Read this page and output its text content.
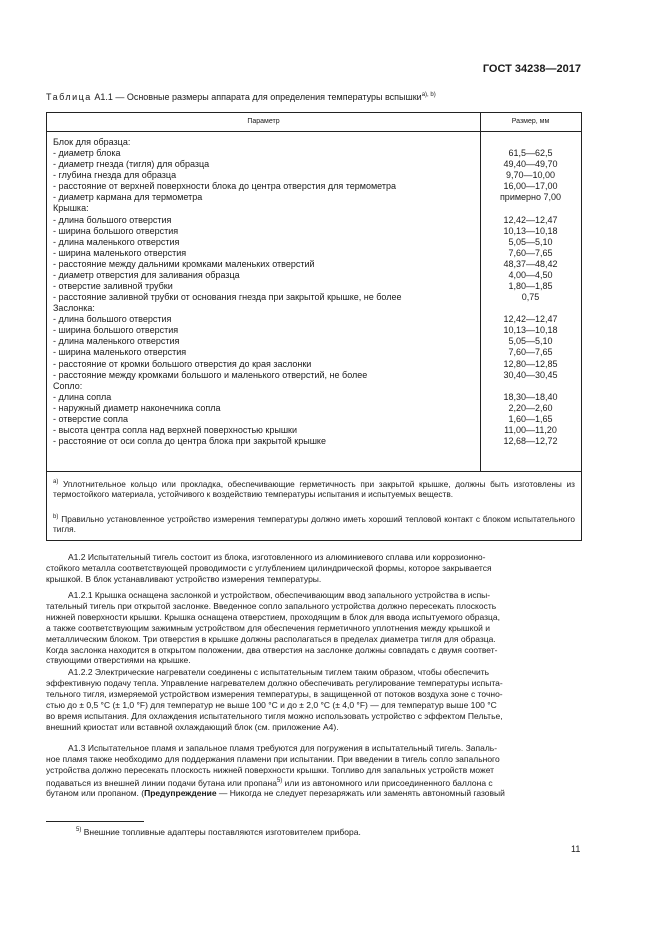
ГОСТ 34238—2017
Таблица А1.1 — Основные размеры аппарата для определения температуры вспышки$^{а), b)}$
Параметр	Размер, мм
Блок для образца:
- диаметр блока	61,5—62,5
- диаметр гнезда (тигля) для образца	49,40—49,70
- глубина гнезда для образца	9,70—10,00
- расстояние от верхней поверхности блока до центра отверстия для термометра	16,00—17,00
- диаметр кармана для термометра	примерно 7,00
Крышка:
- длина большого отверстия	12,42—12,47
- ширина большого отверстия	10,13—10,18
- длина маленького отверстия	5,05—5,10
- ширина маленького отверстия	7,60—7,65
- расстояние между дальними кромками маленьких отверстий	48,37—48,42
- диаметр отверстия для заливания образца	4,00—4,50
- отверстие заливной трубки	1,80—1,85
- расстояние заливной трубки от основания гнезда при закрытой крышке, не более	0,75
Заслонка:
- длина большого отверстия	12,42—12,47
- ширина большого отверстия	10,13—10,18
- длина маленького отверстия	5,05—5,10
- ширина маленького отверстия	7,60—7,65
- расстояние от кромки большого отверстия до края заслонки	12,80—12,85
- расстояние между кромками большого и маленького отверстий, не более	30,40—30,45
Сопло:
- длина сопла	18,30—18,40
- наружный диаметр наконечника сопла	2,20—2,60
- отверстие сопла	1,60—1,65
- высота центра сопла над верхней поверхностью крышки	11,00—11,20
- расстояние от оси сопла до центра блока при закрытой крышке	12,68—12,72
$^{а)}$ Уплотнительное кольцо или прокладка, обеспечивающие герметичность при закрытой крышке, должны быть изготовлены из термостойкого материала, устойчивого к воздействию температуры испытания и испытуемых веществ.
$^{b)}$ Правильно установленное устройство измерения температуры должно иметь хороший тепловой контакт с блоком испытательного тигля.
А1.2 Испытательный тигель состоит из блока, изготовленного из алюминиевого сплава или коррозионно-
стойкого металла соответствующей проводимости с углублением цилиндрической формы, которое закрывается
крышкой. В блок устанавливают устройство измерения температуры.
А1.2.1 Крышка оснащена заслонкой и устройством, обеспечивающим ввод запального устройства в испы-
тательный тигель при открытой заслонке. Введенное сопло запального устройства должно пересекать плоскость
нижней поверхности крышки. Крышка оснащена отверстием, проходящим в блок для ввода испытуемого образца,
а также соответствующим зажимным устройством для обеспечения герметичного уплотнения между крышкой и
металлическим блоком. Три отверстия в крышке должны располагаться в пределах диаметра тигля для образца.
Когда заслонка находится в открытом положении, два отверстия на заслонке должны совпадать с двумя соответ-
ствующими отверстиями на крышке.
А1.2.2 Электрические нагреватели соединены с испытательным тиглем таким образом, чтобы обеспечить
эффективную подачу тепла. Управление нагревателем должно обеспечивать регулирование температуры испыта-
тельного тигля, измеряемой устройством измерения температуры, в защищенной от потоков воздуха зоне с точно-
стью до ± 0,5 °С (± 1,0 °F) для температур не выше 100 °С и до ± 2,0 °С (± 4,0 °F) — для температур выше 100 °С
во время испытания. Для охлаждения испытательного тигля можно использовать устройство с эффектом Пельтье,
внешний криостат или вставной охлаждающий блок (см. приложение А4).
А1.3 Испытательное пламя и запальное пламя требуются для погружения в испытательный тигель. Запаль-
ное пламя также необходимо для поддержания пламени при испытании. При введении в тигель сопло запального
устройства должно пересекать плоскость нижней поверхности крышки. Топливо для запальных устройств может
подаваться из внешней линии подачи бутана или пропана$^{5)}$ или из автономного или присоединенного баллона с
бутаном или пропаном. (Предупреждение — Никогда не следует перезаряжать или заменять автономный газовый
$^{5)}$ Внешние топливные адаптеры поставляются изготовителем прибора.
11
